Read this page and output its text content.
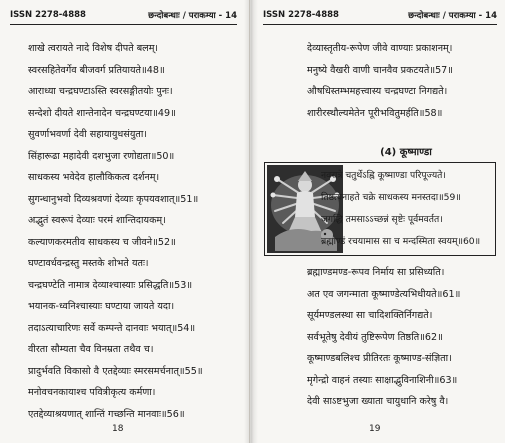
ISSN 2278-4888	छन्दोबन्धाः / पराकम्या - 14
शाखे त्वरायते नादे विशेष दीपते बलम्।
स्वरसहितेवर्गेव बीजवर्ग प्रतियायते॥48॥
आराध्या चन्द्रघण्टाऽस्ति स्वरसङ्गीतयोः पुनः।
सन्देशो दीयते शान्तेनादेन चन्द्रघण्टया॥49॥
सुवर्णाभवर्णा देवी सहायायुधसंयुता।
सिंहारूढा महादेवी दशभुजा रणोद्यता॥50॥
साधकस्य भवेदेव हालौकिकत्व दर्शनम्।
सुगन्धानुभवो दिव्यश्रवणां देव्याः कृपयवशात्॥51॥
अद्भुतं स्वरूपं देव्याः परमं शान्तिदायकम्।
कल्याणकरमतीव साधकस्य च जीवने॥52॥
घण्टावर्धवन्द्रस्तु मस्तके शोभते यतः।
चन्द्रघण्टेति नामात्र देव्याश्चास्याः प्रसिद्धति॥53॥
भयानक-ध्वनिश्चास्याः घण्टाया जायते यदा।
तदाऽत्याचारिणः सर्वे कम्पन्ते दानवाः भयात्॥54॥
वीरता सौम्यता चैव विनम्रता तथैव च।
प्रादुर्भवति विकासो वै एतद्देव्याः स्मरसमर्चनात्॥55॥
मनोवचनकायाश्च पवित्रीकृत्य कर्मणा।
एतद्देव्याश्रयणात् शान्तिं गच्छन्ति मानवाः॥56॥
18
ISSN 2278-4888	छन्दोबन्धाः / पराकम्या - 14
देव्यास्तृतीय-रूपेण जीवे वाण्याः प्रकाशनम्।
मनुष्ये वैखरी वाणी चानवैव प्रकटयते॥57॥
औषधिस्तम्भमहत्त्वास्य चन्द्रघण्टा निगद्यते।
शारीरस्थौल्यमेतेन पूरीभवितुमर्हति॥58॥
(4) कूष्माण्डा
नवरात्रे चतुर्थेऽह्नि कूष्माण्डा परिपूज्यते।
तिष्ठत्यनाहते चक्रे साधकस्य मनस्तदा॥59॥
जगद्धि तमसाऽऽच्छन्नं सृष्टेः पूर्वमवर्तत।
ब्रह्माण्डं रचयामास सा च मन्दस्मिता स्वयम्॥60॥
ब्रह्माण्डमण्ड-रूपव निर्माय सा प्रसिध्यति।
अत एव जगन्माता कूष्माण्डेत्यभिधीयते॥61॥
सूर्यमण्डलस्था सा चादिशक्तिर्निगद्यते।
सर्वभूतेषु देवीयं तुष्टिरूपेण तिष्ठति॥62॥
कूष्माण्डबलिश्च प्रीतिरतः कूष्माण्ड-संज्ञिता।
मृगेन्द्रो वाहनं तस्याः साक्षाद्भुविनाशिनी॥63॥
देवी साऽष्टभुजा ख्याता चायुधानि करेषु वै।
19
